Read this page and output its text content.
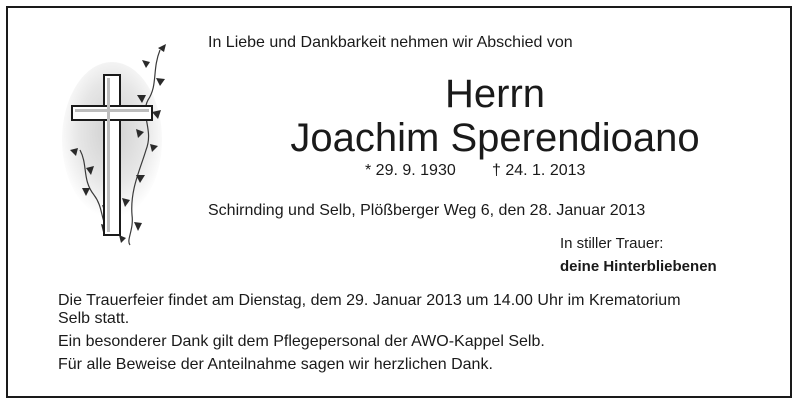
In Liebe und Dankbarkeit nehmen wir Abschied von
Herrn
Joachim Sperendioano
* 29. 9. 1930 † 24. 1. 2013
Schirnding und Selb, Plößberger Weg 6, den 28. Januar 2013
In stiller Trauer:
deine Hinterbliebenen
Die Trauerfeier findet am Dienstag, dem 29. Januar 2013 um 14.00 Uhr im Krematorium
Selb statt.
Ein besonderer Dank gilt dem Pflegepersonal der AWO-Kappel Selb.
Für alle Beweise der Anteilnahme sagen wir herzlichen Dank.
